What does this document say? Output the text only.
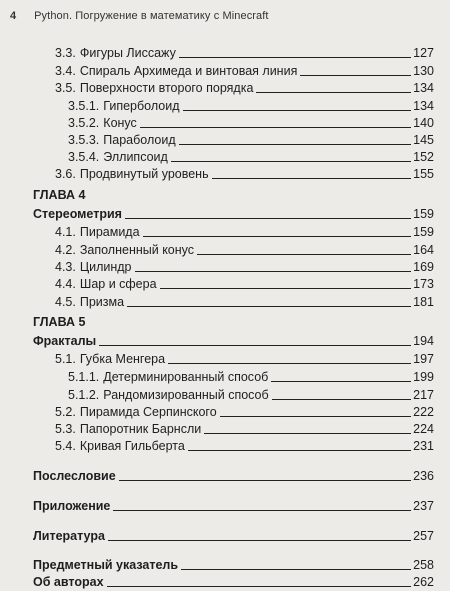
4 Python. Погружение в математику с Minecraft
3.3. Фигуры Лиссажу	127
3.4. Спираль Архимеда и винтовая линия	130
3.5. Поверхности второго порядка	134
3.5.1. Гиперболоид	134
3.5.2. Конус	140
3.5.3. Параболоид	145
3.5.4. Эллипсоид	152
3.6. Продвинутый уровень	155
ГЛАВА 4
Стереометрия	159
4.1. Пирамида	159
4.2. Заполненный конус	164
4.3. Цилиндр	169
4.4. Шар и сфера	173
4.5. Призма	181
ГЛАВА 5
Фракталы	194
5.1. Губка Менгера	197
5.1.1. Детерминированный способ	199
5.1.2. Рандомизированный способ	217
5.2. Пирамида Серпинского	222
5.3. Папоротник Барнсли	224
5.4. Кривая Гильберта	231
Послесловие	236
Приложение	237
Литература	257
Предметный указатель	258
Об авторах	262
